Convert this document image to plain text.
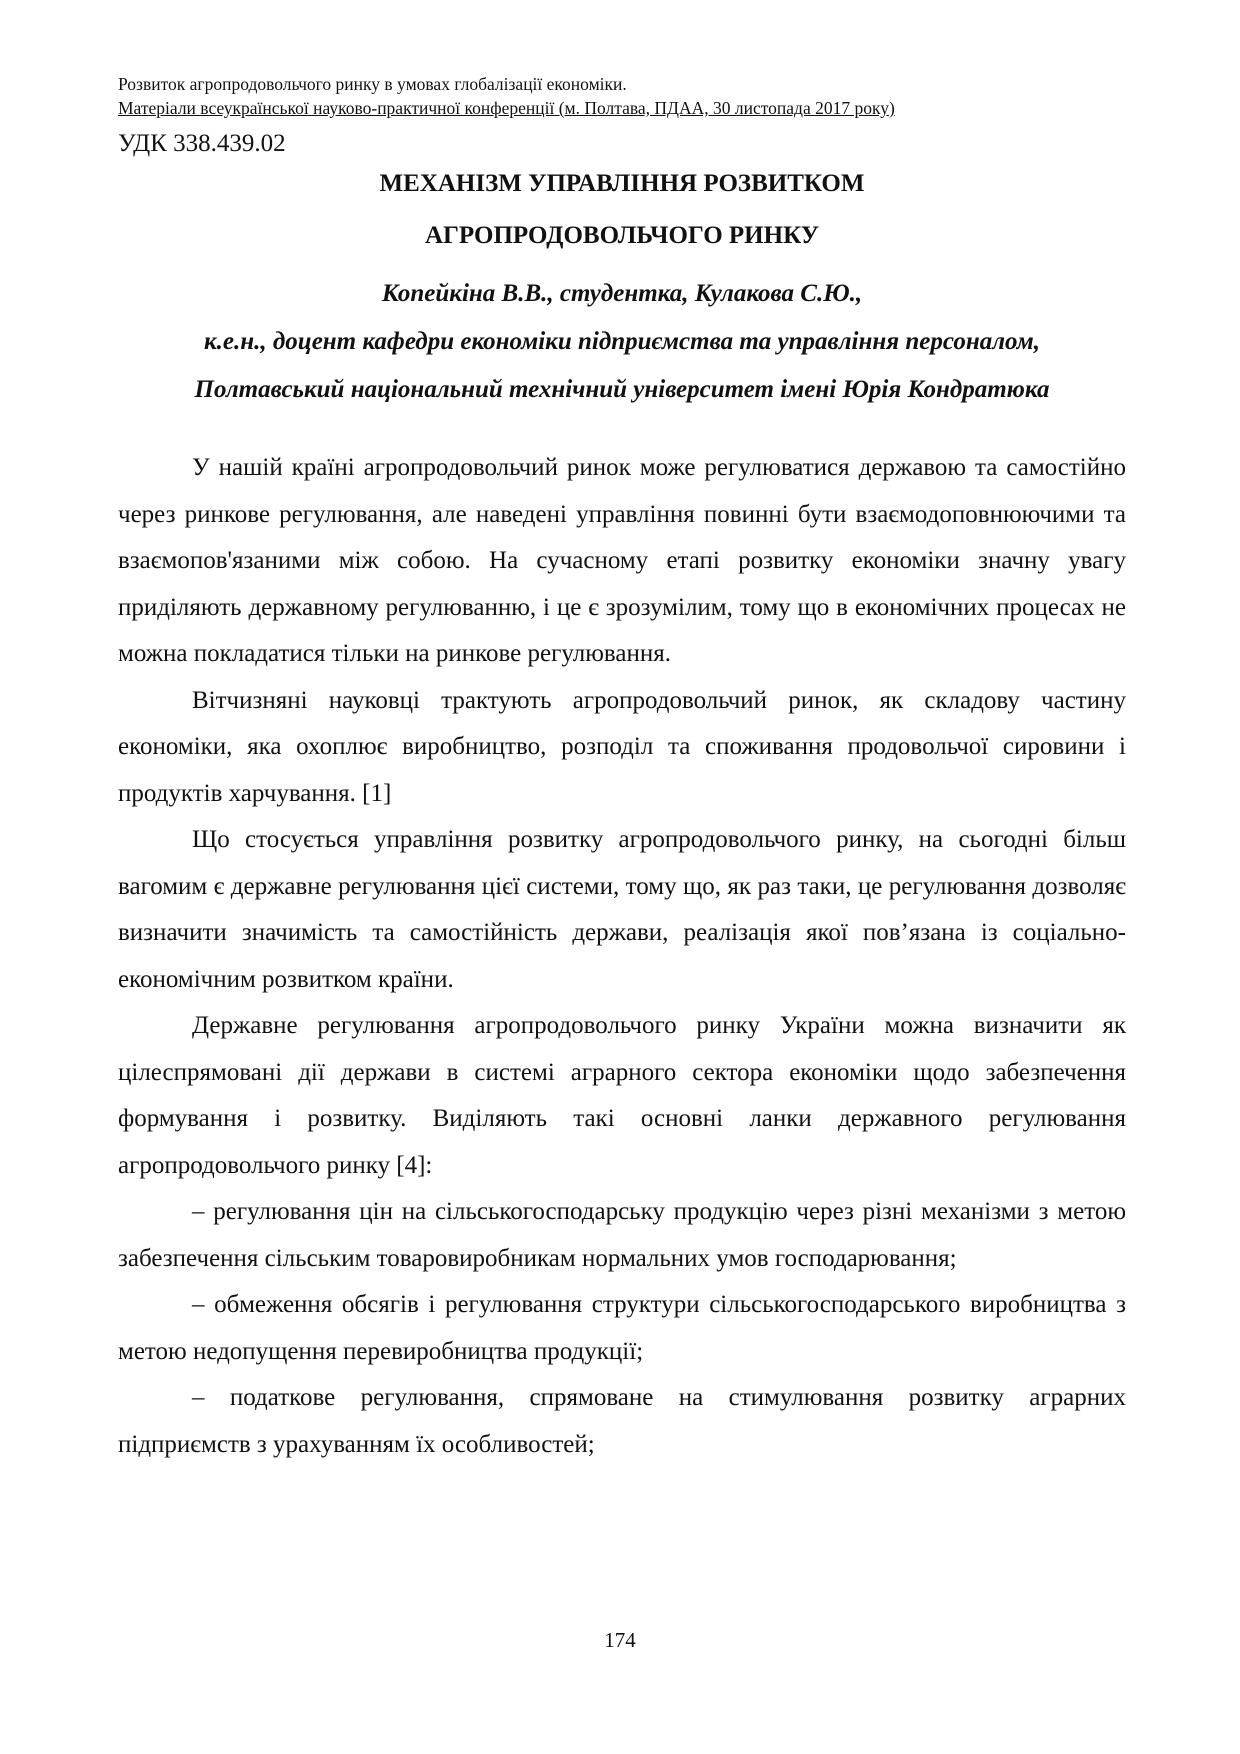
Розвиток агропродовольчого ринку в умовах глобалізації економіки.
Матеріали всеукраїнської науково-практичної конференції (м. Полтава, ПДАА, 30 листопада 2017 року)
УДК 338.439.02
МЕХАНІЗМ УПРАВЛІННЯ РОЗВИТКОМ
АГРОПРОДОВОЛЬЧОГО РИНКУ
Копейкіна В.В., студентка, Кулакова С.Ю.,
к.е.н., доцент кафедри економіки підприємства та управління персоналом,
Полтавський національний технічний університет імені Юрія Кондратюка

У нашій країні агропродовольчий ринок може регулюватися державою та самостійно через ринкове регулювання, але наведені управління повинні бути взаємодоповнюючими та взаємопов'язаними між собою. На сучасному етапі розвитку економіки значну увагу приділяють державному регулюванню, і це є зрозумілим, тому що в економічних процесах не можна покладатися тільки на ринкове регулювання.

Вітчизняні науковці трактують агропродовольчий ринок, як складову частину економіки, яка охоплює виробництво, розподіл та споживання продовольчої сировини і продуктів харчування. [1]

Що стосується управління розвитку агропродовольчого ринку, на сьогодні більш вагомим є державне регулювання цієї системи, тому що, як раз таки, це регулювання дозволяє визначити значимість та самостійність держави, реалізація якої пов’язана із соціально-економічним розвитком країни.

Державне регулювання агропродовольчого ринку України можна визначити як цілеспрямовані дії держави в системі аграрного сектора економіки щодо забезпечення формування і розвитку. Виділяють такі основні ланки державного регулювання агропродовольчого ринку [4]:

– регулювання цін на сільськогосподарську продукцію через різні механізми з метою забезпечення сільським товаровиробникам нормальних умов господарювання;

– обмеження обсягів і регулювання структури сільськогосподарського виробництва з метою недопущення перевиробництва продукції;

– податкове регулювання, спрямоване на стимулювання розвитку аграрних підприємств з урахуванням їх особливостей;

174
